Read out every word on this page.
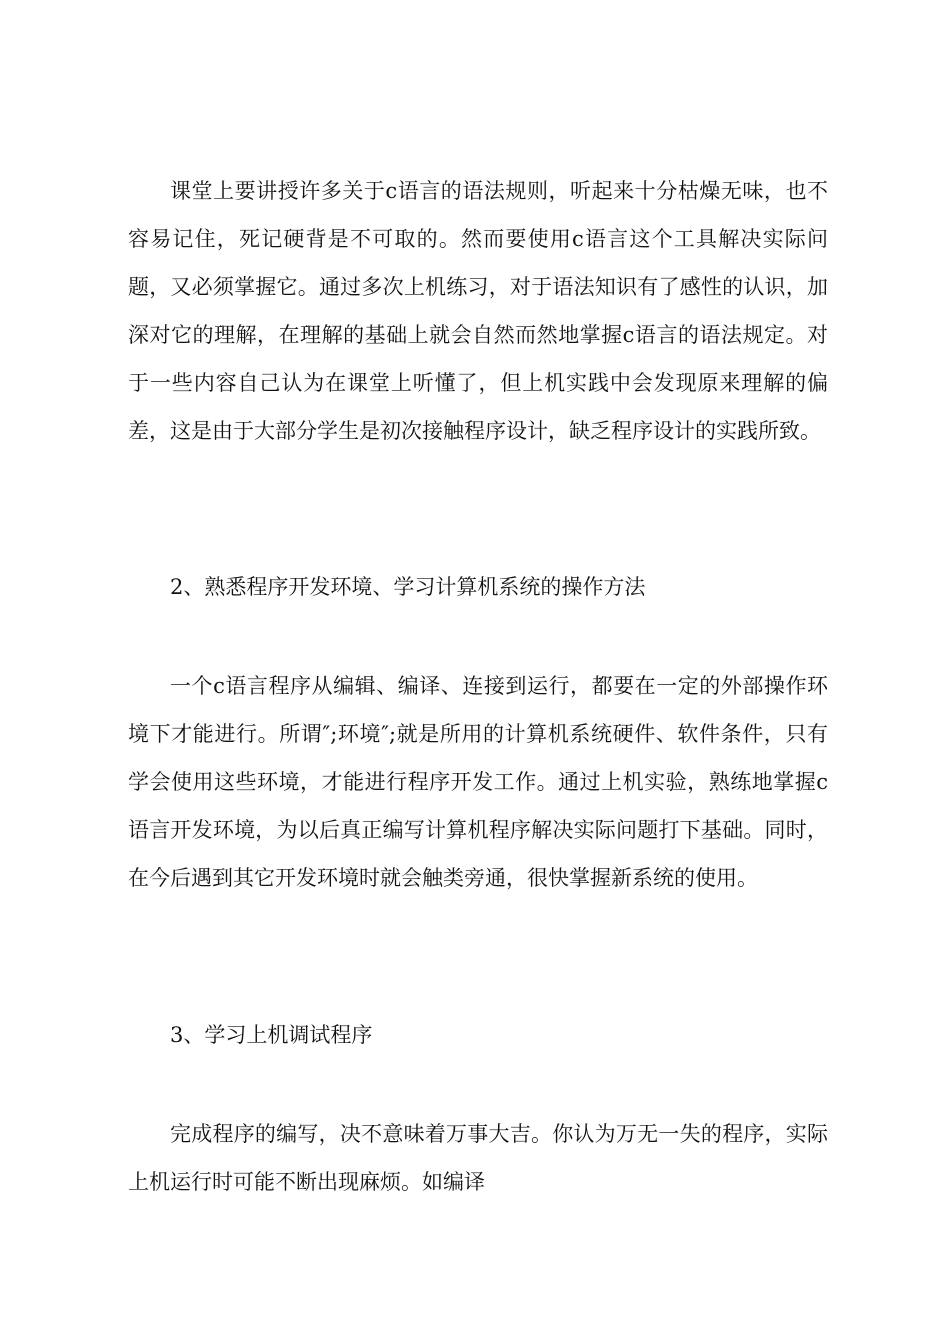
课堂上要讲授许多关于c语言的语法规则，听起来十分枯燥无味，也不容易记住，死记硬背是不可取的。然而要使用c语言这个工具解决实际问题，又必须掌握它。通过多次上机练习，对于语法知识有了感性的认识，加深对它的理解，在理解的基础上就会自然而然地掌握c语言的语法规定。对于一些内容自己认为在课堂上听懂了，但上机实践中会发现原来理解的偏差，这是由于大部分学生是初次接触程序设计，缺乏程序设计的实践所致。

2、熟悉程序开发环境、学习计算机系统的操作方法

一个c语言程序从编辑、编译、连接到运行，都要在一定的外部操作环境下才能进行。所谓″;环境″;就是所用的计算机系统硬件、软件条件，只有学会使用这些环境，才能进行程序开发工作。通过上机实验，熟练地掌握c语言开发环境，为以后真正编写计算机程序解决实际问题打下基础。同时，在今后遇到其它开发环境时就会触类旁通，很快掌握新系统的使用。

3、学习上机调试程序

完成程序的编写，决不意味着万事大吉。你认为万无一失的程序，实际上机运行时可能不断出现麻烦。如编译
